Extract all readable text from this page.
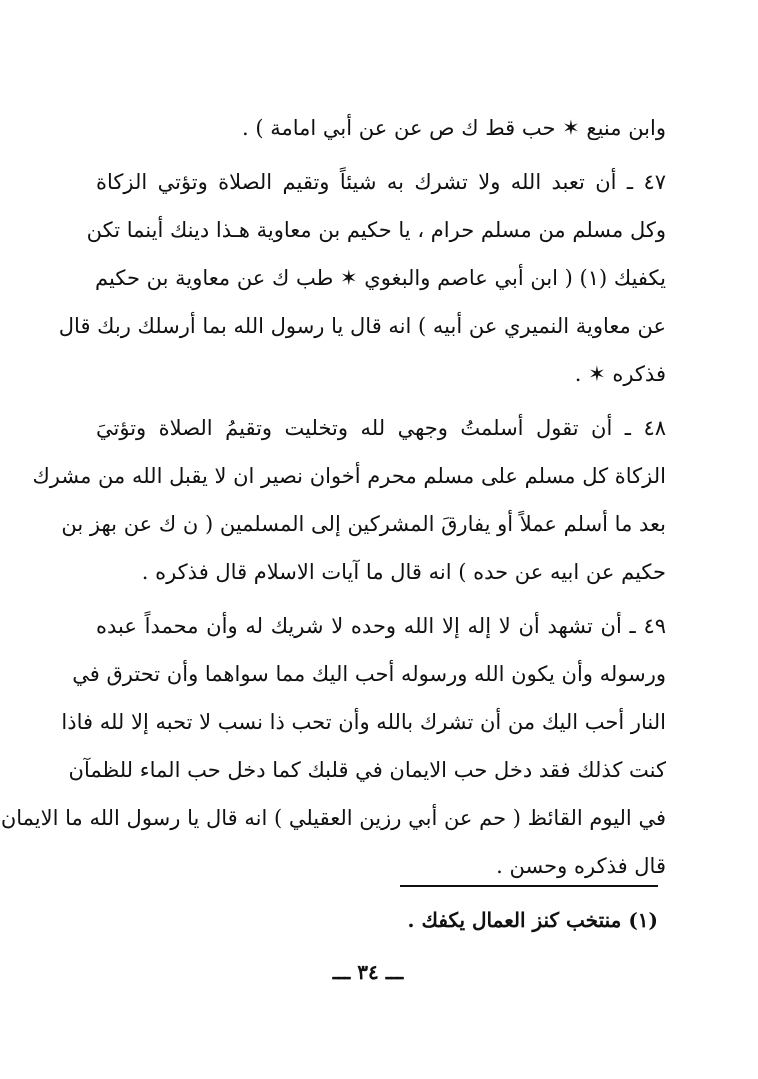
وابن منيع ✶ حب قط ك ص عن عن أبي امامة ) .
٤٧ ـ أن تعبد الله ولا تشرك به شيئاً وتقيم الصلاة وتؤتي الزكاة
وكل مسلم من مسلم حرام ، يا حكيم بن معاوية هـذا دينك أينما تكن
يكفيك (١) ( ابن أبي عاصم والبغوي ✶ طب ك عن معاوية بن حكيم
عن معاوية النميري عن أبيه ) انه قال يا رسول الله بما أرسلك ربك قال
فذكره ✶ .
٤٨ ـ أن تقول أسلمتُ وجهي لله وتخليت وتقيمُ الصلاة وتؤتيَ
الزكاة كل مسلم على مسلم محرم أخوان نصير ان لا يقبل الله من مشرك
بعد ما أسلم عملاً أو يفارقَ المشركين إلى المسلمين ( ن ك عن بهز بن
حكيم عن ابيه عن حده ) انه قال ما آيات الاسلام قال فذكره .
٤٩ ـ أن تشهد أن لا إله إلا الله وحده لا شريك له وأن محمداً عبده
ورسوله وأن يكون الله ورسوله أحب اليك مما سواهما وأن تحترق في
النار أحب اليك من أن تشرك بالله وأن تحب ذا نسب لا تحبه إلا لله فاذا
كنت كذلك فقد دخل حب الايمان في قلبك كما دخل حب الماء للظمآن
في اليوم القائظ ( حم عن أبي رزين العقيلي ) انه قال يا رسول الله ما الايمان
قال فذكره وحسن .
(١) منتخب كنز العمال يكفك .
ـــ ٣٤ ـــ
